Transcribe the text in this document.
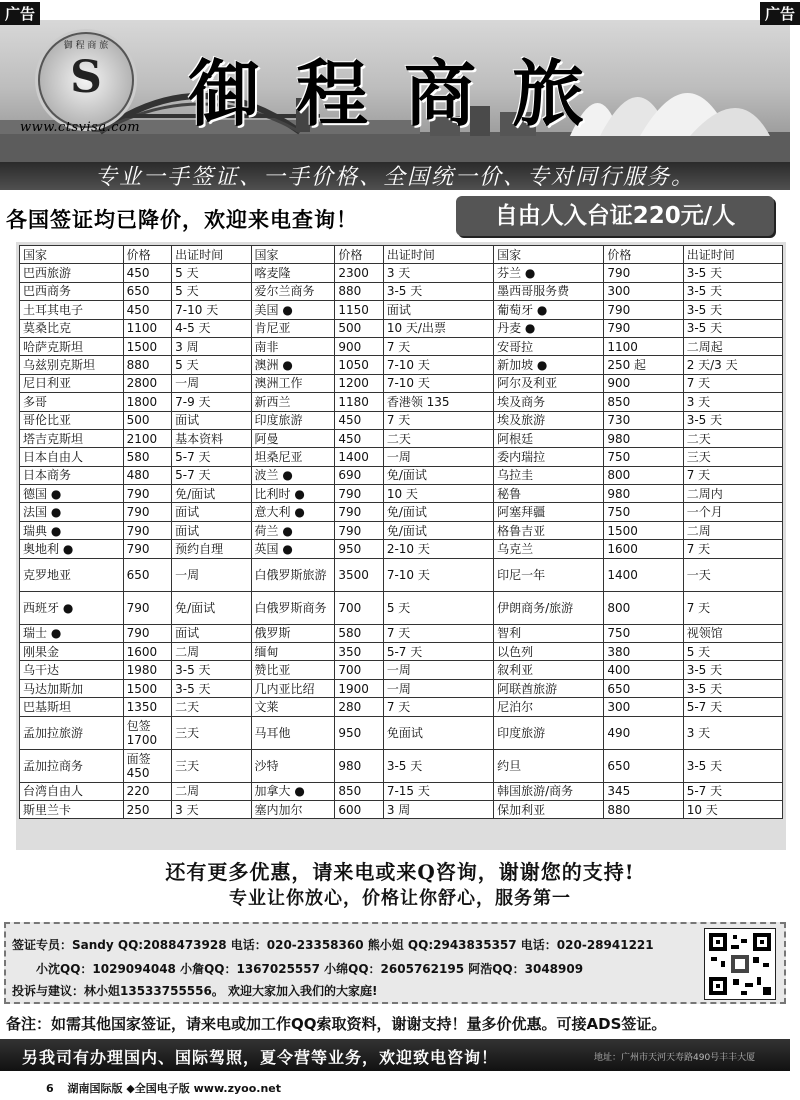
广告	广告
御 程 商 旅
S
www.ctsvisa.com 御程商旅
专业一手签证、一手价格、全国统一价、专对同行服务。
各国签证均已降价，欢迎来电查询！	自由人入台证220元/人
国家	价格	出证时间	国家	价格	出证时间	国家	价格	出证时间
巴西旅游	450	5 天	喀麦隆	2300	3 天	芬兰 ●	790	3-5 天
巴西商务	650	5 天	爱尔兰商务	880	3-5 天	墨西哥服务费	300	3-5 天
土耳其电子	450	7-10 天	美国 ●	1150	面试	葡萄牙 ●	790	3-5 天
莫桑比克	1100	4-5 天	肯尼亚	500	10 天/出票	丹麦 ●	790	3-5 天
哈萨克斯坦	1500	3 周	南非	900	7 天	安哥拉	1100	二周起
乌兹别克斯坦	880	5 天	澳洲 ●	1050	7-10 天	新加坡 ●	250 起	2 天/3 天
尼日利亚	2800	一周	澳洲工作	1200	7-10 天	阿尔及利亚	900	7 天
多哥	1800	7-9 天	新西兰	1180	香港领 135	埃及商务	850	3 天
哥伦比亚	500	面试	印度旅游	450	7 天	埃及旅游	730	3-5 天
塔吉克斯坦	2100	基本资料	阿曼	450	二天	阿根廷	980	二天
日本自由人	580	5-7 天	坦桑尼亚	1400	一周	委内瑞拉	750	三天
日本商务	480	5-7 天	波兰 ●	690	免/面试	乌拉圭	800	7 天
德国 ●	790	免/面试	比利时 ●	790	10 天	秘鲁	980	二周内
法国 ●	790	面试	意大利 ●	790	免/面试	阿塞拜疆	750	一个月
瑞典 ●	790	面试	荷兰 ●	790	免/面试	格鲁吉亚	1500	二周
奥地利 ●	790	预约自理	英国 ●	950	2-10 天	乌克兰	1600	7 天
克罗地亚	650	一周	白俄罗斯旅游	3500	7-10 天	印尼一年	1400	一天
西班牙 ●	790	免/面试	白俄罗斯商务	700	5 天	伊朗商务/旅游	800	7 天
瑞士 ●	790	面试	俄罗斯	580	7 天	智利	750	视领馆
刚果金	1600	二周	缅甸	350	5-7 天	以色列	380	5 天
乌干达	1980	3-5 天	赞比亚	700	一周	叙利亚	400	3-5 天
马达加斯加	1500	3-5 天	几内亚比绍	1900	一周	阿联酋旅游	650	3-5 天
巴基斯坦	1350	二天	文莱	280	7 天	尼泊尔	300	5-7 天
孟加拉旅游	包签 1700	三天	马耳他	950	免面试	印度旅游	490	3 天
孟加拉商务	面签 450	三天	沙特	980	3-5 天	约旦	650	3-5 天
台湾自由人	220	二周	加拿大 ●	850	7-15 天	韩国旅游/商务	345	5-7 天
斯里兰卡	250	3 天	塞内加尔	600	3 周	保加利亚	880	10 天
还有更多优惠，请来电或来Q咨询，谢谢您的支持!
专业让你放心，价格让你舒心，服务第一
签证专员：Sandy QQ:2088473928 电话：020-23358360 熊小姐 QQ:2943835357 电话：020-28941221
小沈QQ：1029094048 小詹QQ：1367025557 小绵QQ：2605762195 阿浩QQ：3048909
投诉与建议：林小姐13533755556。 欢迎大家加入我们的大家庭!
备注：如需其他国家签证，请来电或加工作QQ索取资料，谢谢支持！量多价优惠。可接ADS签证。
另我司有办理国内、国际驾照，夏令营等业务，欢迎致电咨询！	地址：广州市天河天寿路490号丰丰大厦
6 湖南国际版 ◆全国电子版 www.zyoo.net
